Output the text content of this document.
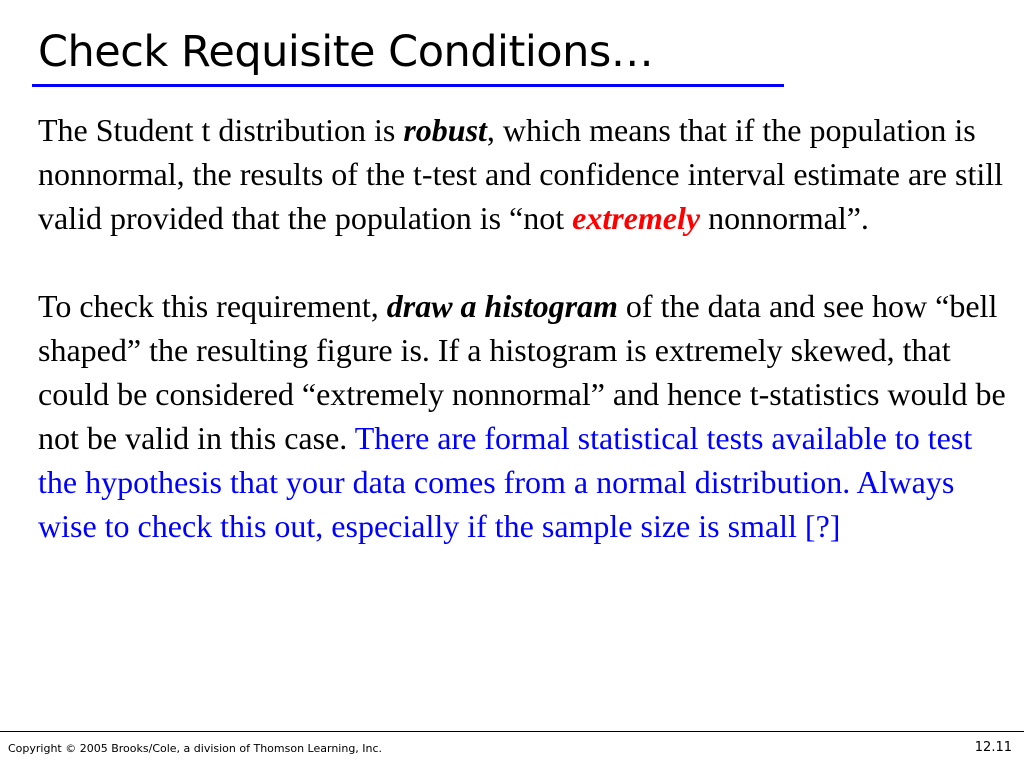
Check Requisite Conditions…

The Student t distribution is robust, which means that if the population is nonnormal, the results of the t-test and confidence interval estimate are still valid provided that the population is “not extremely nonnormal”.

To check this requirement, draw a histogram of the data and see how “bell shaped” the resulting figure is. If a histogram is extremely skewed, that could be considered “extremely nonnormal” and hence t-statistics would be not be valid in this case. There are formal statistical tests available to test the hypothesis that your data comes from a normal distribution. Always wise to check this out, especially if the sample size is small [?]

Copyright © 2005 Brooks/Cole, a division of Thomson Learning, Inc.	12.11
